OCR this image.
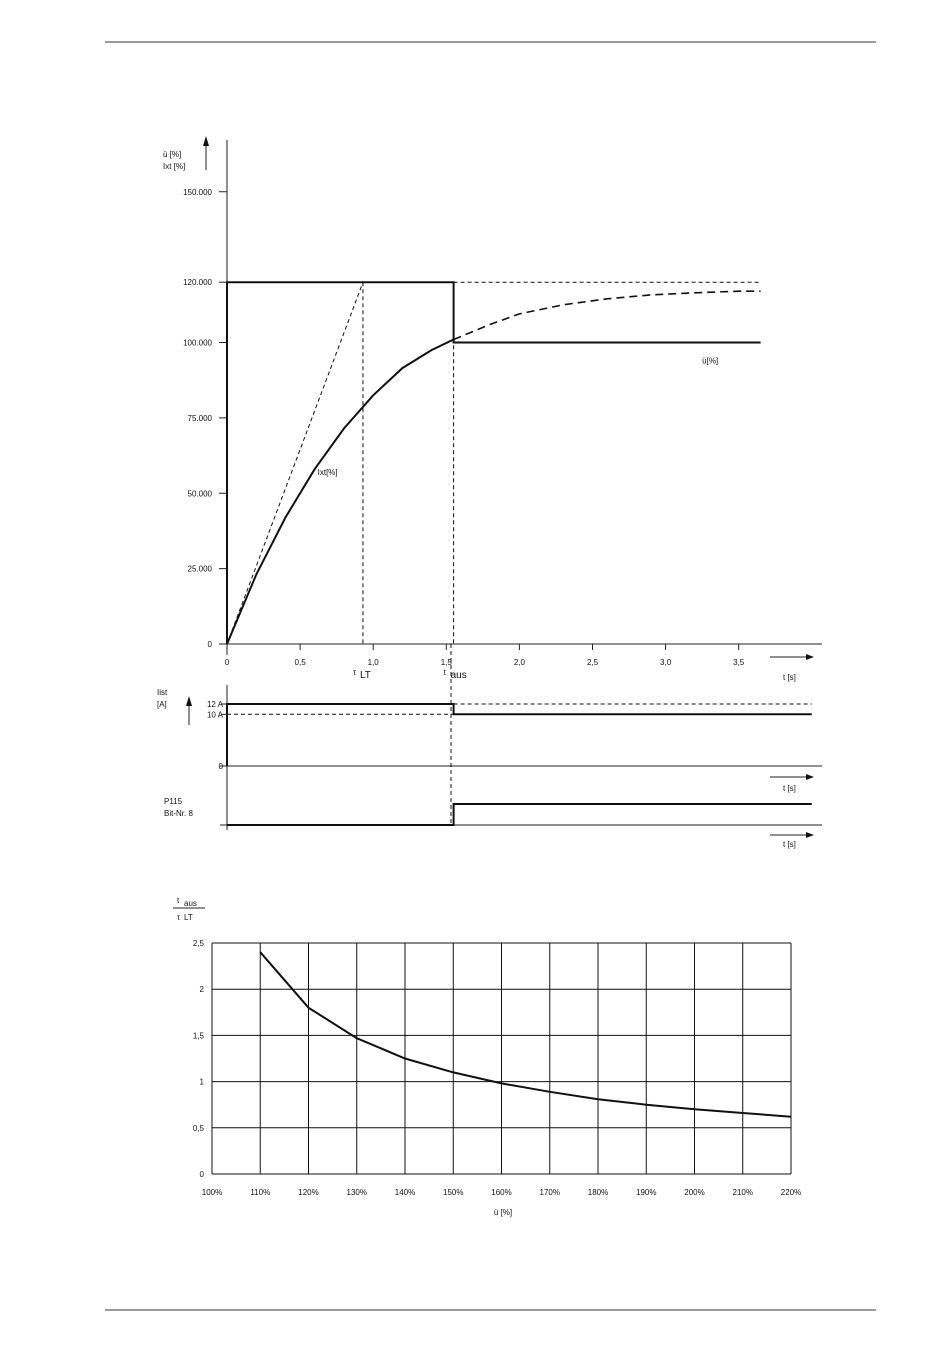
ü [%]
Ixt [%]
0
25.000
50.000
75.000
100.000
120.000
150.000
0	0,5	1,0	1,5	2,0	2,5	3,0	3,5
t [s]
τ LT	t aus
ü[%]
Ixt[%]
Iist
[A]
0
10 A
12 A
t [s]
P115
Bit-Nr. 8
t [s]
t aus
τ LT
0
0,5
1
1,5
2
2,5
100%	110%	120%	130%	140%	150%	160%	170%	180%	190%	200%	210%	220%
ü [%]
